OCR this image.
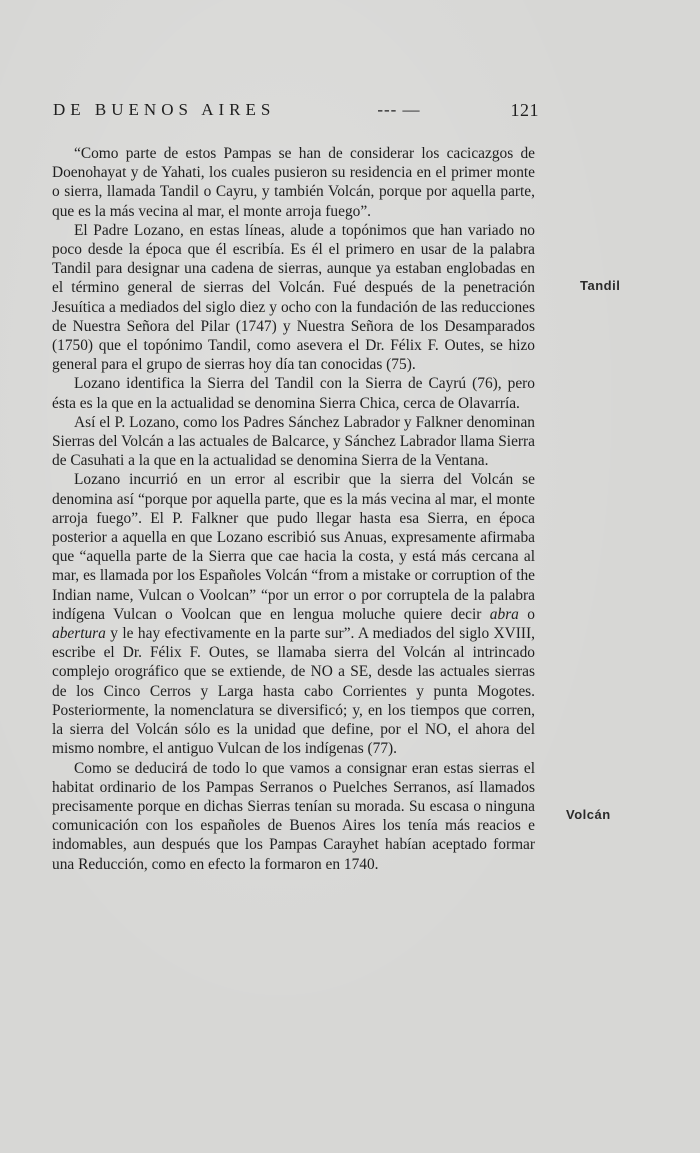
DE BUENOS AIRES	--- —	121

“Como parte de estos Pampas se han de considerar los cacicazgos de Doenohayat y de Yahati, los cuales pusieron su residencia en el primer monte o sierra, llamada Tandil o Cayru, y también Volcán, porque por aquella parte, que es la más vecina al mar, el monte arroja fuego”.

El Padre Lozano, en estas líneas, alude a topónimos que han variado no poco desde la época que él escribía. Es él el primero en usar de la palabra Tandil para designar una cadena de sierras, aunque ya estaban englobadas en el término general de sierras del Volcán. Fué después de la penetración Jesuítica a mediados del siglo diez y ocho con la fundación de las reducciones de Nuestra Señora del Pilar (1747) y Nuestra Señora de los Desamparados (1750) que el topónimo Tandil, como asevera el Dr. Félix F. Outes, se hizo general para el grupo de sierras hoy día tan conocidas (75).

Lozano identifica la Sierra del Tandil con la Sierra de Cayrú (76), pero ésta es la que en la actualidad se denomina Sierra Chica, cerca de Olavarría.

Así el P. Lozano, como los Padres Sánchez Labrador y Falkner denominan Sierras del Volcán a las actuales de Balcarce, y Sánchez Labrador llama Sierra de Casuhati a la que en la actualidad se denomina Sierra de la Ventana.

Lozano incurrió en un error al escribir que la sierra del Volcán se denomina así “porque por aquella parte, que es la más vecina al mar, el monte arroja fuego”. El P. Falkner que pudo llegar hasta esa Sierra, en época posterior a aquella en que Lozano escribió sus Anuas, expresamente afirmaba que “aquella parte de la Sierra que cae hacia la costa, y está más cercana al mar, es llamada por los Españoles Volcán “from a mistake or corruption of the Indian name, Vulcan o Voolcan” “por un error o por corruptela de la palabra indígena Vulcan o Voolcan que en lengua moluche quiere decir abra o abertura y le hay efectivamente en la parte sur”. A mediados del siglo XVIII, escribe el Dr. Félix F. Outes, se llamaba sierra del Volcán al intrincado complejo orográfico que se extiende, de NO a SE, desde las actuales sierras de los Cinco Cerros y Larga hasta cabo Corrientes y punta Mogotes. Posteriormente, la nomenclatura se diversificó; y, en los tiempos que corren, la sierra del Volcán sólo es la unidad que define, por el NO, el ahora del mismo nombre, el antiguo Vulcan de los indígenas (77).

Como se deducirá de todo lo que vamos a consignar eran estas sierras el habitat ordinario de los Pampas Serranos o Puelches Serranos, así llamados precisamente porque en dichas Sierras tenían su morada. Su escasa o ninguna comunicación con los españoles de Buenos Aires los tenía más reacios e indomables, aun después que los Pampas Carayhet habían aceptado formar una Reducción, como en efecto la formaron en 1740.

Tandil
Volcán
